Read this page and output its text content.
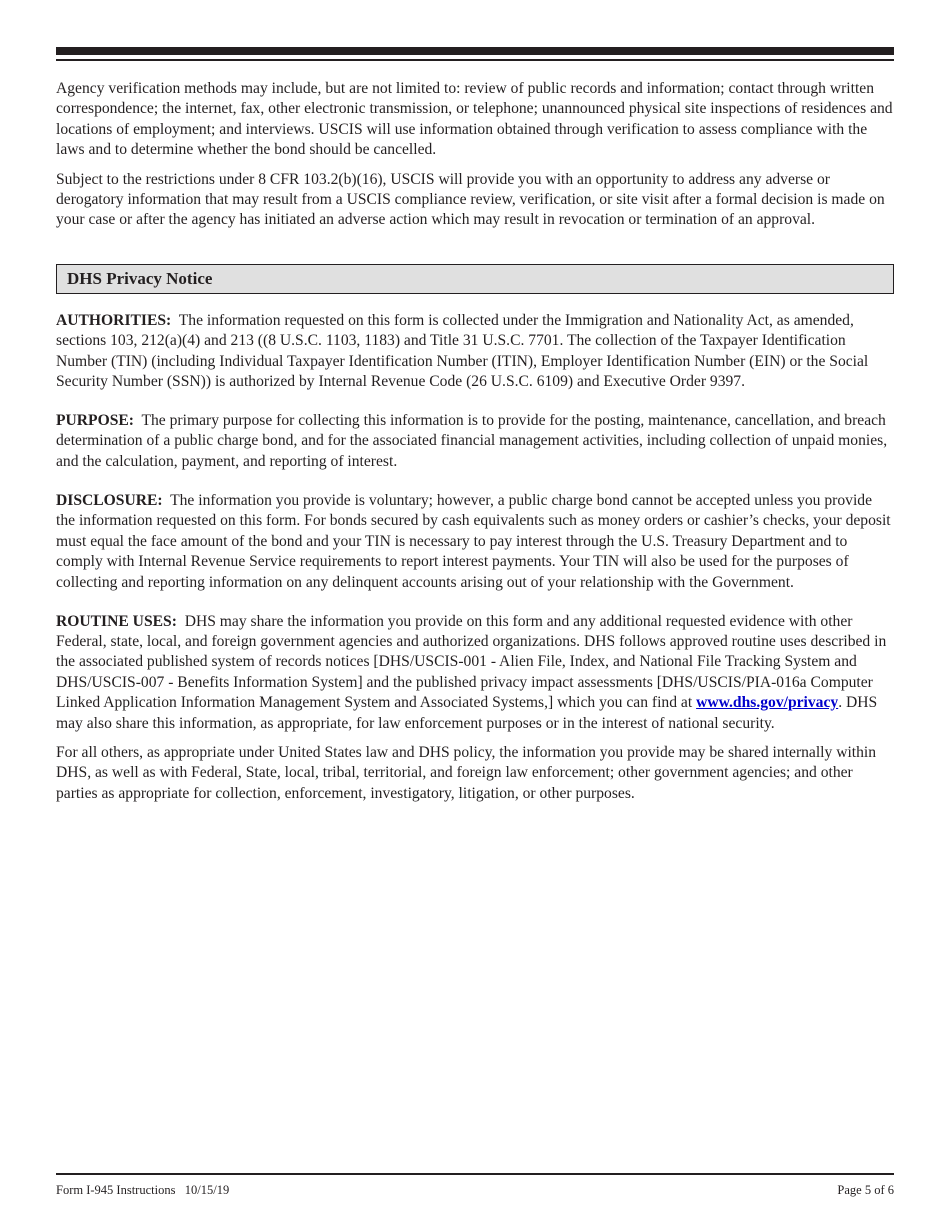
Agency verification methods may include, but are not limited to: review of public records and information; contact through written correspondence; the internet, fax, other electronic transmission, or telephone; unannounced physical site inspections of residences and locations of employment; and interviews. USCIS will use information obtained through verification to assess compliance with the laws and to determine whether the bond should be cancelled.

Subject to the restrictions under 8 CFR 103.2(b)(16), USCIS will provide you with an opportunity to address any adverse or derogatory information that may result from a USCIS compliance review, verification, or site visit after a formal decision is made on your case or after the agency has initiated an adverse action which may result in revocation or termination of an approval.

DHS Privacy Notice

AUTHORITIES: The information requested on this form is collected under the Immigration and Nationality Act, as amended, sections 103, 212(a)(4) and 213 ((8 U.S.C. 1103, 1183) and Title 31 U.S.C. 7701. The collection of the Taxpayer Identification Number (TIN) (including Individual Taxpayer Identification Number (ITIN), Employer Identification Number (EIN) or the Social Security Number (SSN)) is authorized by Internal Revenue Code (26 U.S.C. 6109) and Executive Order 9397.

PURPOSE: The primary purpose for collecting this information is to provide for the posting, maintenance, cancellation, and breach determination of a public charge bond, and for the associated financial management activities, including collection of unpaid monies, and the calculation, payment, and reporting of interest.

DISCLOSURE: The information you provide is voluntary; however, a public charge bond cannot be accepted unless you provide the information requested on this form. For bonds secured by cash equivalents such as money orders or cashier’s checks, your deposit must equal the face amount of the bond and your TIN is necessary to pay interest through the U.S. Treasury Department and to comply with Internal Revenue Service requirements to report interest payments. Your TIN will also be used for the purposes of collecting and reporting information on any delinquent accounts arising out of your relationship with the Government.

ROUTINE USES: DHS may share the information you provide on this form and any additional requested evidence with other Federal, state, local, and foreign government agencies and authorized organizations. DHS follows approved routine uses described in the associated published system of records notices [DHS/USCIS-001 - Alien File, Index, and National File Tracking System and DHS/USCIS-007 - Benefits Information System] and the published privacy impact assessments [DHS/USCIS/PIA-016a Computer Linked Application Information Management System and Associated Systems,] which you can find at www.dhs.gov/privacy. DHS may also share this information, as appropriate, for law enforcement purposes or in the interest of national security.

For all others, as appropriate under United States law and DHS policy, the information you provide may be shared internally within DHS, as well as with Federal, State, local, tribal, territorial, and foreign law enforcement; other government agencies; and other parties as appropriate for collection, enforcement, investigatory, litigation, or other purposes.

Form I-945 Instructions   10/15/19	Page 5 of 6
